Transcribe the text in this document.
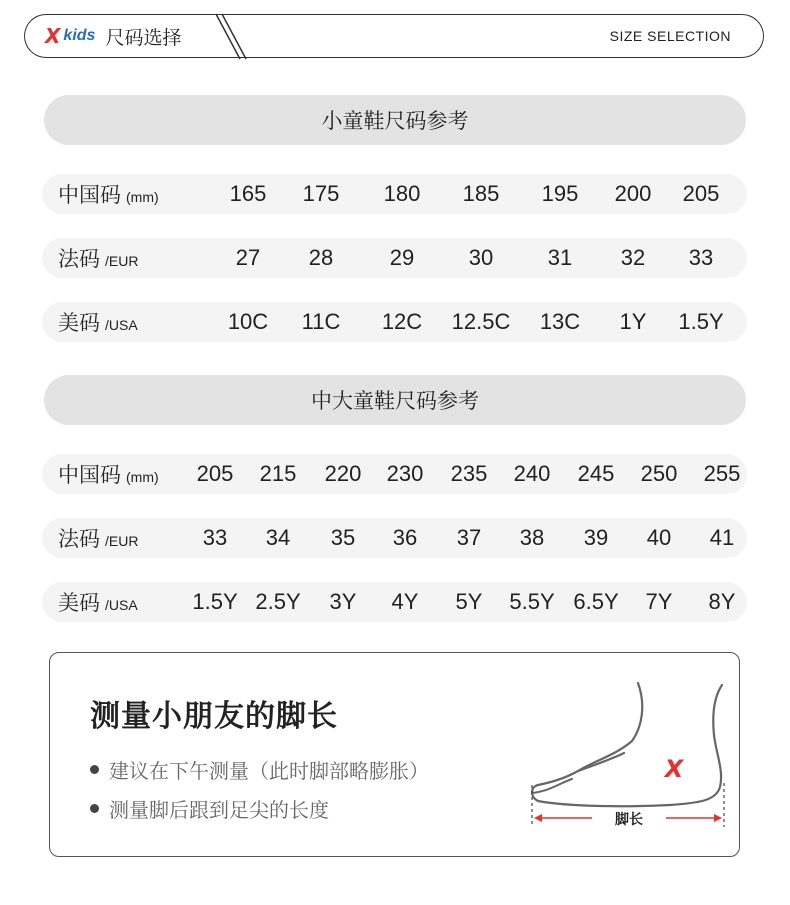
X kids 尺码选择	SIZE SELECTION
小童鞋尺码参考
中国码 (mm)	165	175	180	185	195	200	205
法码 /EUR	27	28	29	30	31	32	33
美码 /USA	10C	11C	12C	12.5C	13C	1Y	1.5Y
中大童鞋尺码参考
中国码 (mm)	205	215	220	230	235	240	245	250	255
法码 /EUR	33	34	35	36	37	38	39	40	41
美码 /USA	1.5Y 2.5Y	3Y	4Y	5Y	5.5Y 6.5Y	7Y	8Y
测量小朋友的脚长
建议在下午测量（此时脚部略膨胀）
测量脚后跟到足尖的长度
X
脚长
